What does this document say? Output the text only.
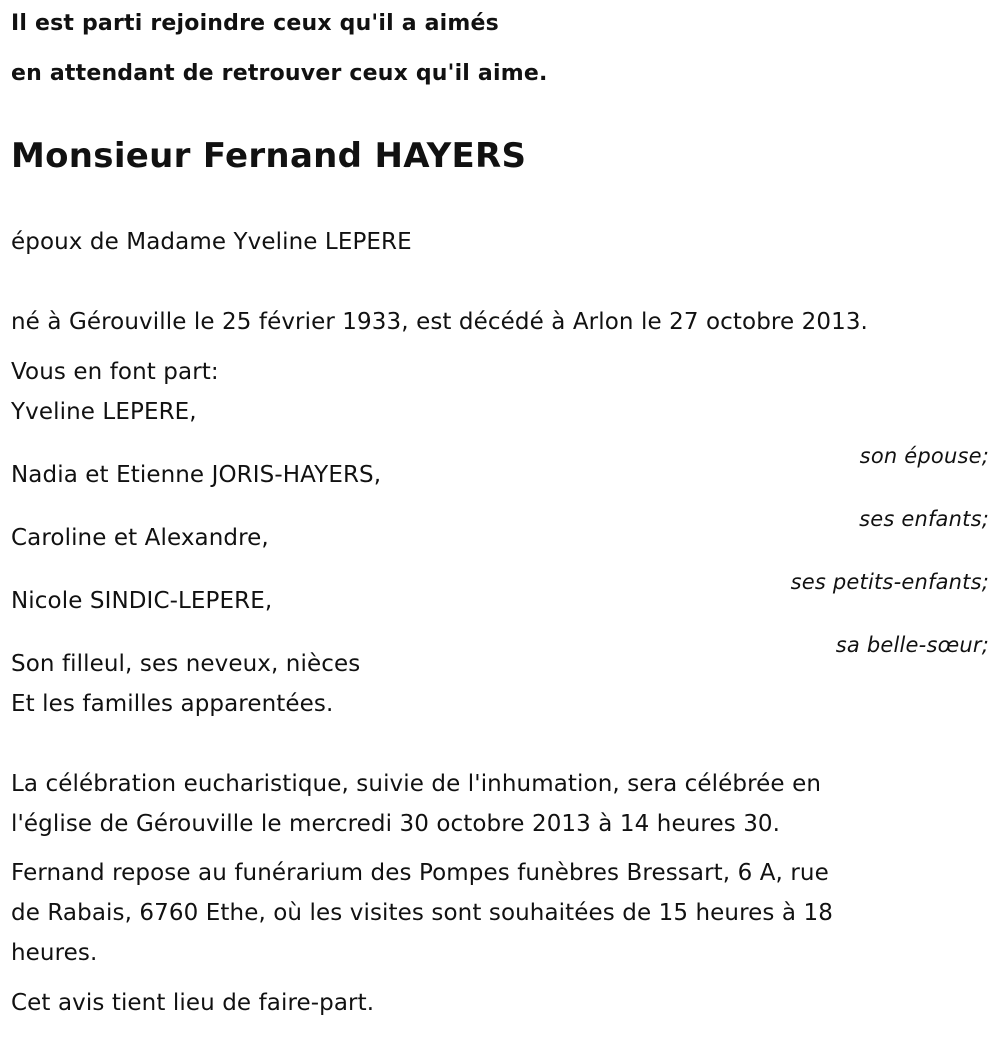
Il est parti rejoindre ceux qu'il a aimés

en attendant de retrouver ceux qu'il aime.

Monsieur Fernand HAYERS

époux de Madame Yveline LEPERE

né à Gérouville le 25 février 1933, est décédé à Arlon le 27 octobre 2013.

Vous en font part:

Yveline LEPERE,

son épouse;

Nadia et Etienne JORIS-HAYERS,

ses enfants;

Caroline et Alexandre,

ses petits-enfants;

Nicole SINDIC-LEPERE,

sa belle-sœur;

Son filleul, ses neveux, nièces

Et les familles apparentées.

La célébration eucharistique, suivie de l'inhumation, sera célébrée en

l'église de Gérouville le mercredi 30 octobre 2013 à 14 heures 30.

Fernand repose au funérarium des Pompes funèbres Bressart, 6 A, rue

de Rabais, 6760 Ethe, où les visites sont souhaitées de 15 heures à 18

heures.

Cet avis tient lieu de faire-part.
